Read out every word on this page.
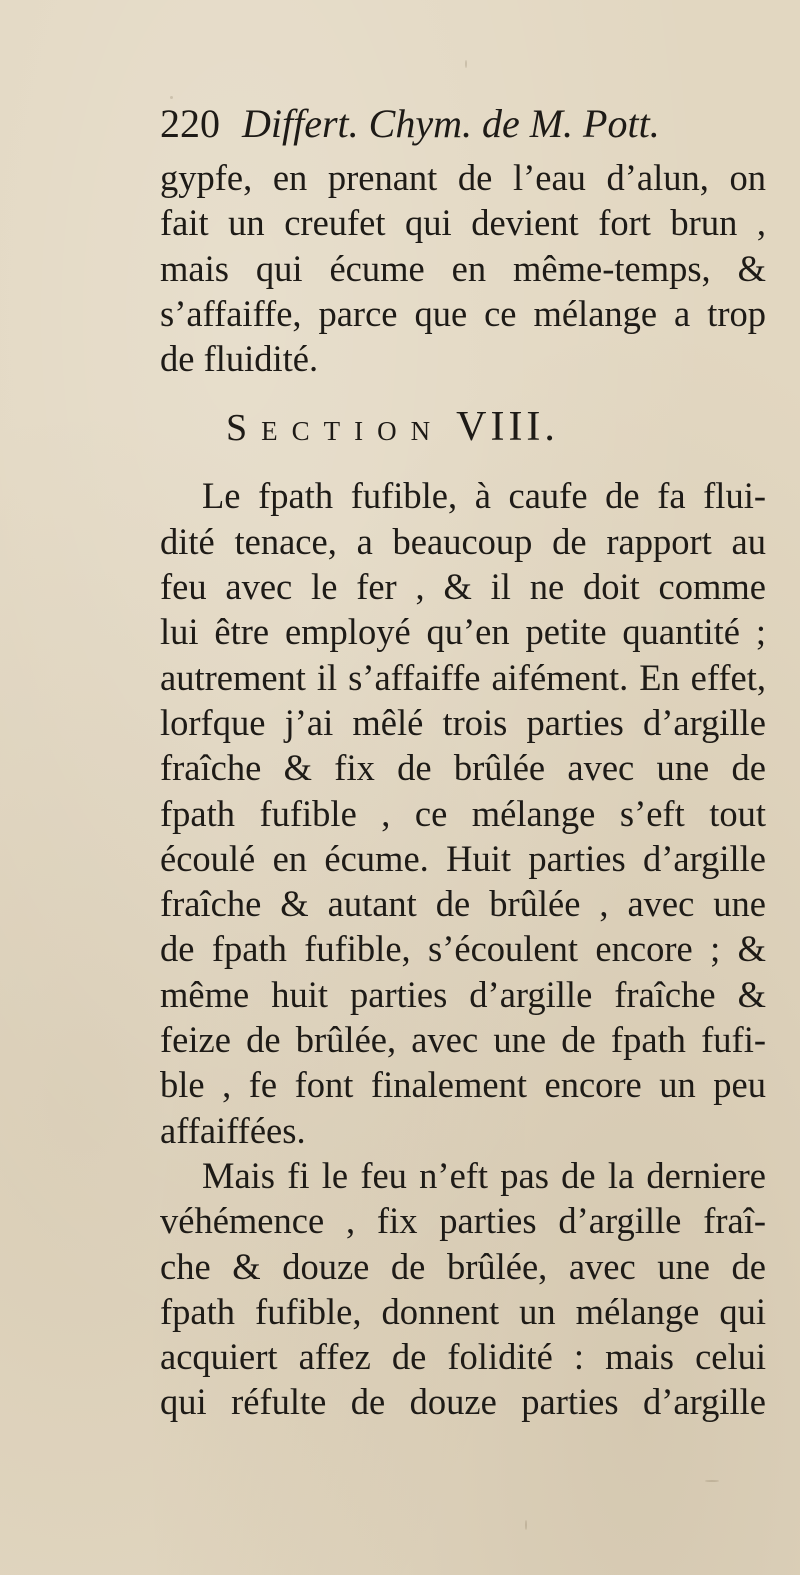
220 Differt. Chym. de M. Pott.
gypfe, en prenant de l’eau d’alun, on
fait un creufet qui devient fort brun ,
mais qui écume en même-temps, &
s’affaiffe, parce que ce mélange a trop
de fluidité.
Section VIII.
Le fpath fufible, à caufe de fa flui-
dité tenace, a beaucoup de rapport au
feu avec le fer , & il ne doit comme
lui être employé qu’en petite quantité ;
autrement il s’affaiffe aifément. En effet,
lorfque j’ai mêlé trois parties d’argille
fraîche & fix de brûlée avec une de
fpath fufible , ce mélange s’eft tout
écoulé en écume. Huit parties d’argille
fraîche & autant de brûlée , avec une
de fpath fufible, s’écoulent encore ; &
même huit parties d’argille fraîche &
feize de brûlée, avec une de fpath fufi-
ble , fe font finalement encore un peu
affaiffées.
Mais fi le feu n’eft pas de la derniere
véhémence , fix parties d’argille fraî-
che & douze de brûlée, avec une de
fpath fufible, donnent un mélange qui
acquiert affez de folidité : mais celui
qui réfulte de douze parties d’argille
